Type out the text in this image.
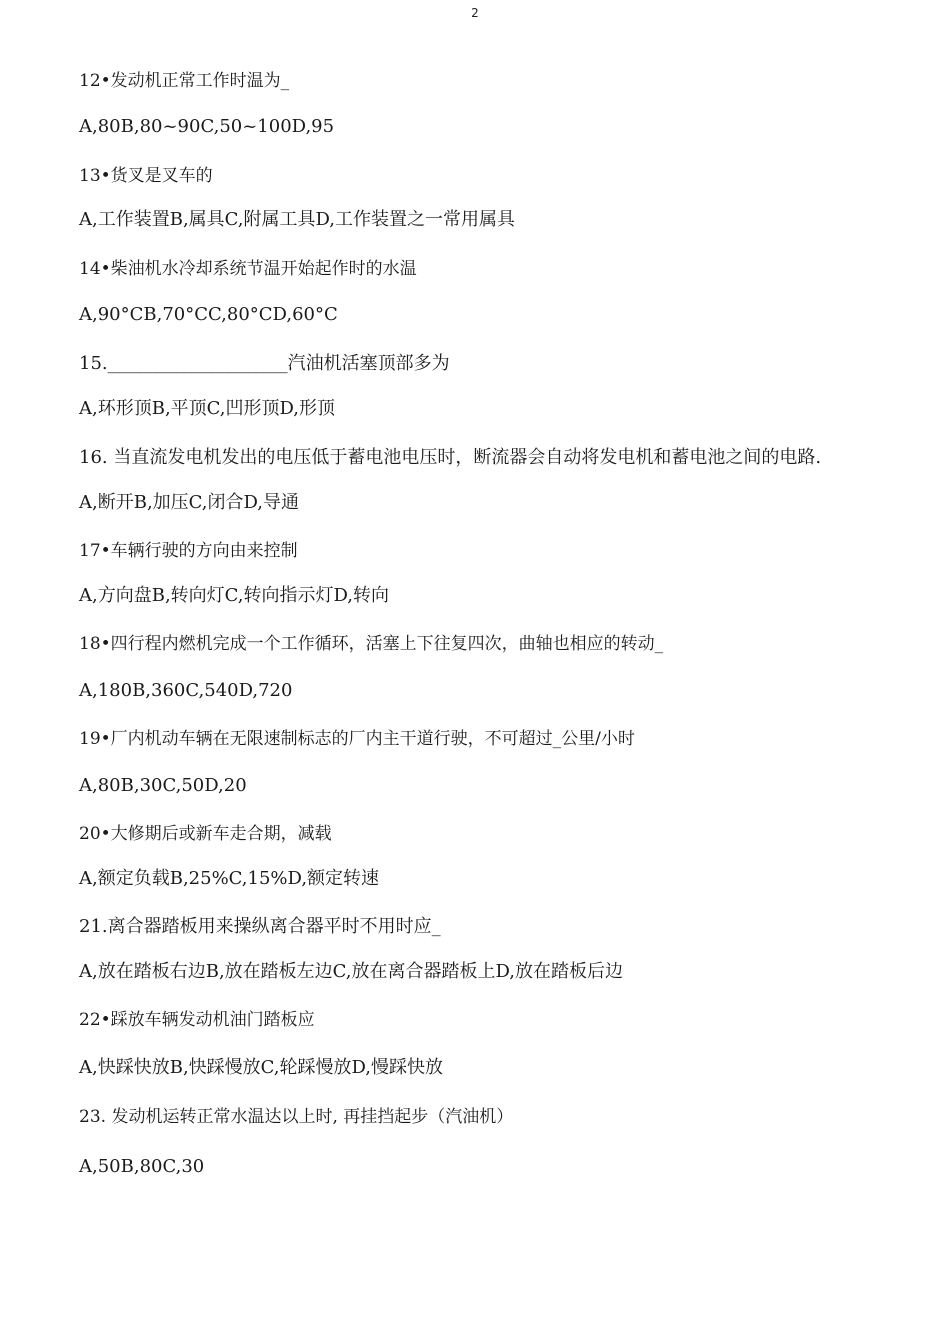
2
12•发动机正常工作时温为_
A,80B,80~90C,50~100D,95
13•货叉是叉车的
A,工作装置B,属具C,附属工具D,工作装置之一常用属具
14•柴油机水冷却系统节温开始起作时的水温
A,90°CB,70°CC,80°CD,60°C
15.____________________汽油机活塞顶部多为
A,环形顶B,平顶C,凹形顶D,形顶
16. 当直流发电机发出的电压低于蓄电池电压时，断流器会自动将发电机和蓄电池之间的电路.
A,断开B,加压C,闭合D,导通
17•车辆行驶的方向由来控制
A,方向盘B,转向灯C,转向指示灯D,转向
18•四行程内燃机完成一个工作循环，活塞上下往复四次，曲轴也相应的转动_
A,180B,360C,540D,720
19•厂内机动车辆在无限速制标志的厂内主干道行驶，不可超过_公里/小时
A,80B,30C,50D,20
20•大修期后或新车走合期，减载
A,额定负载B,25%C,15%D,额定转速
21.离合器踏板用来操纵离合器平时不用时应_
A,放在踏板右边B,放在踏板左边C,放在离合器踏板上D,放在踏板后边
22•踩放车辆发动机油门踏板应
A,快踩快放B,快踩慢放C,轮踩慢放D,慢踩快放
23. 发动机运转正常水温达以上时, 再挂挡起步（汽油机）
A,50B,80C,30
